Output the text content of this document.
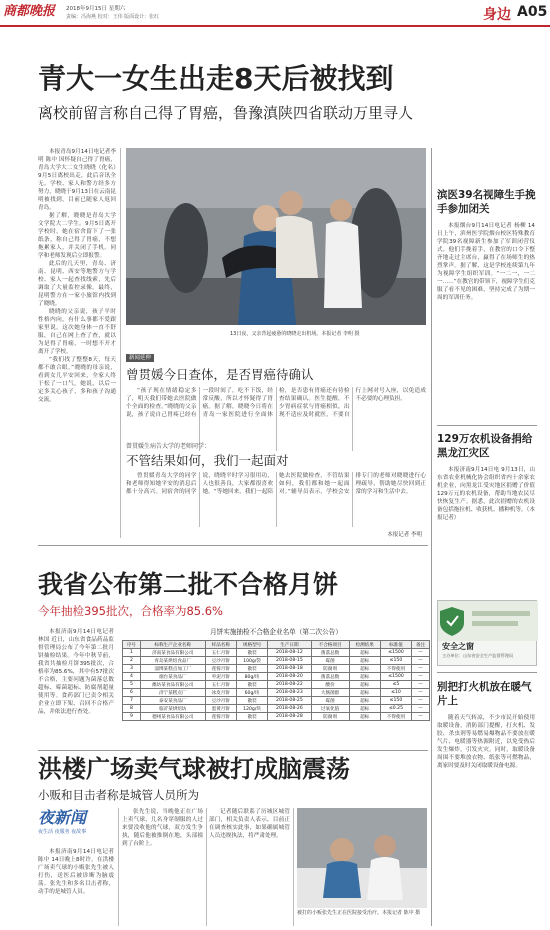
商都晚报	2018年9月15日 星期六
责编：冯海燕 校对：王伟 版面设计：张红	身边 A05
青大一女生出走8天后被找到
离校前留言称自己得了胃癌，鲁豫滇陕四省联动万里寻人

本报青岛9月14日电记者李明 陈中 因怀疑自己得了胃癌，青岛大学大二女生晓晓（化名）9月5日离校出走，此后音讯全无。学校、家人和警方经多方努力，晓晓于9月13日在云南昆明被找到，目前已随家人返回青岛。

据了解，晓晓是青岛大学文学院大二学生。9月5日离开学校时，她在宿舍留下了一张纸条，称自己得了胃癌，不想拖累家人，并关闭了手机。同学和老师发现后立即报警。

此后的几天里，青岛、济南、昆明、西安等地警方与学校、家人一起查找线索，先后调取了大量监控录像。最终，昆明警方在一家小旅馆内找到了晓晓。

晓晓的父亲说，孩子平时性格内向，有什么事都不爱跟家里说。这次她身体一直不舒服，自己在网上查了查，就以为是得了胃癌，一时想不开才离开了学校。

“我们找了整整8天，每天都不敢合眼。”晓晓的母亲说，看到女儿平安回来，全家人终于松了一口气。她说，以后一定多关心孩子，多和孩子沟通交流。

13日夜，父亲背起疲惫的晓晓走出机场。本报记者 李明 摄
新闻延伸
曾贯媛今日查体，是否胃癌待确认
“孩子现在情绪稳定多了，明天我们带她去医院做个全面的检查。”晓晓的父亲说，孩子说自己胃疼已经有一段时间了，吃不下饭，经常反酸，所以才怀疑得了胃癌。据了解，晓晓今日将在青岛一家医院进行全面体检，是否患有胃癌还有待检查结果确认。医生提醒，不少胃病症状与胃癌相似，出现不适应及时就医，不要自行上网对号入座，以免造成不必要的心理负担。
曾贯媛生病告大学的老师同学：
不管结果如何，我们一起面对
曾贯媛青岛大学的同学和老师得知她平安的消息后都十分高兴。同宿舍的同学说，晓晓平时学习很用功，人也很善良，大家都很喜欢她。“等她回来，我们一起陪她去医院做检查，不管结果如何，我们都和她一起面对。”辅导员表示，学校会安排专门的老师对晓晓进行心理疏导，帮助她尽快回到正常的学习和生活中去。
本报记者 李明
我省公布第二批不合格月饼
今年抽检395批次，合格率为85.6%
本报济南9月14日电记者 林国 近日，山东省食品药品监督管理局公布了今年第二批月饼抽检结果。今年中秋节前，我省共抽检月饼395批次，合格率为85.6%，其中有57批次不合格，主要问题为菌落总数超标、霉菌超标、防腐剂超量使用等。食药部门已责令相关企业立即下架、召回不合格产品，并依法进行查处。
月饼实施抽检不合格企业名单（第二次公告）
序号	标称生产企业名称	样品名称	规格型号	生产日期	不合格项目	检测结果	标准值	备注
1	济南某食品有限公司	五仁月饼	散装	2018-08-12	菌落总数	超标	≤1500	—
2	青岛某烘焙食品厂	豆沙月饼	100g/袋	2018-08-15	霉菌	超标	≤150	—
3	淄博某糕点加工厂	莲蓉月饼	散装	2018-08-18	防腐剂	超标	不得使用	—
4	烟台某食品厂	枣泥月饼	80g/块	2018-08-20	菌落总数	超标	≤1500	—
5	潍坊某食品有限公司	五仁月饼	散装	2018-08-22	酸价	超标	≤5	—
6	济宁某糕点厂	冰皮月饼	60g/块	2018-08-23	大肠菌群	超标	≤10	—
7	泰安某食品厂	豆沙月饼	散装	2018-08-25	霉菌	超标	≤150	—
8	临沂某烘焙坊	蛋黄月饼	120g/块	2018-08-26	过氧化值	超标	≤0.25	—
9	德州某食品有限公司	莲蓉月饼	散装	2018-08-28	防腐剂	超标	不得使用	—
洪楼广场卖气球被打成脑震荡
小贩和目击者称是城管人员所为
夜新闻
夜生活 夜服务 夜故事

本报济南9月14日电记者 陈中 14日晚上8时许，在洪楼广场卖气球的小贩张先生被人打伤，送医后被诊断为脑震荡。张先生和多名目击者称，动手的是城管人员。

张先生说，当晚他正在广场上卖气球，几名身穿制服的人过来要没收他的气球，双方发生争执，随后他被推倒在地，头部撞到了台阶上。

记者随后联系了历城区城管部门，相关负责人表示，目前正在调查核实此事，如果确属城管人员违规执法，将严肃处理。

被打的小贩张先生正在医院接受治疗。本报记者 陈中 摄
滨医39名视障生手挽手参加闭关
本报烟台9月14日电记者 杨柳 14日上午，滨州医学院烟台校区特殊教育学院39名视障新生参加了军训闭营仪式。他们手挽着手，在教官的口令下整齐地走过主席台，赢得了在场师生的热烈掌声。据了解，这是学校连续第九年为视障学生组织军训。“一二一，一二一……”在教官的带领下，视障学生们克服了看不见的困难，坚持完成了为期一周的军训任务。
129万农机设备捐给黑龙江灾区
本报济南9月14日电 9月13日，山东省农业机械化协会组织省内十余家农机企业，向黑龙江受灾地区捐赠了价值129万元的农机设备，帮助当地农民尽快恢复生产。据悉，此次捐赠的农机设备包括拖拉机、收获机、播种机等。（本报记者）
安全之窗
主办单位：山东省安全生产监督管理局
别把打火机放在暖气片上
随着天气转凉，不少市民开始使用取暖设备。消防部门提醒，打火机、发胶、杀虫剂等易燃易爆物品不要放在暖气片、电暖器等热源附近，以免受热后发生爆炸，引发火灾。同时，取暖设备周围不要堆放衣物、纸张等可燃物品，离家时要及时关闭取暖设备电源。
